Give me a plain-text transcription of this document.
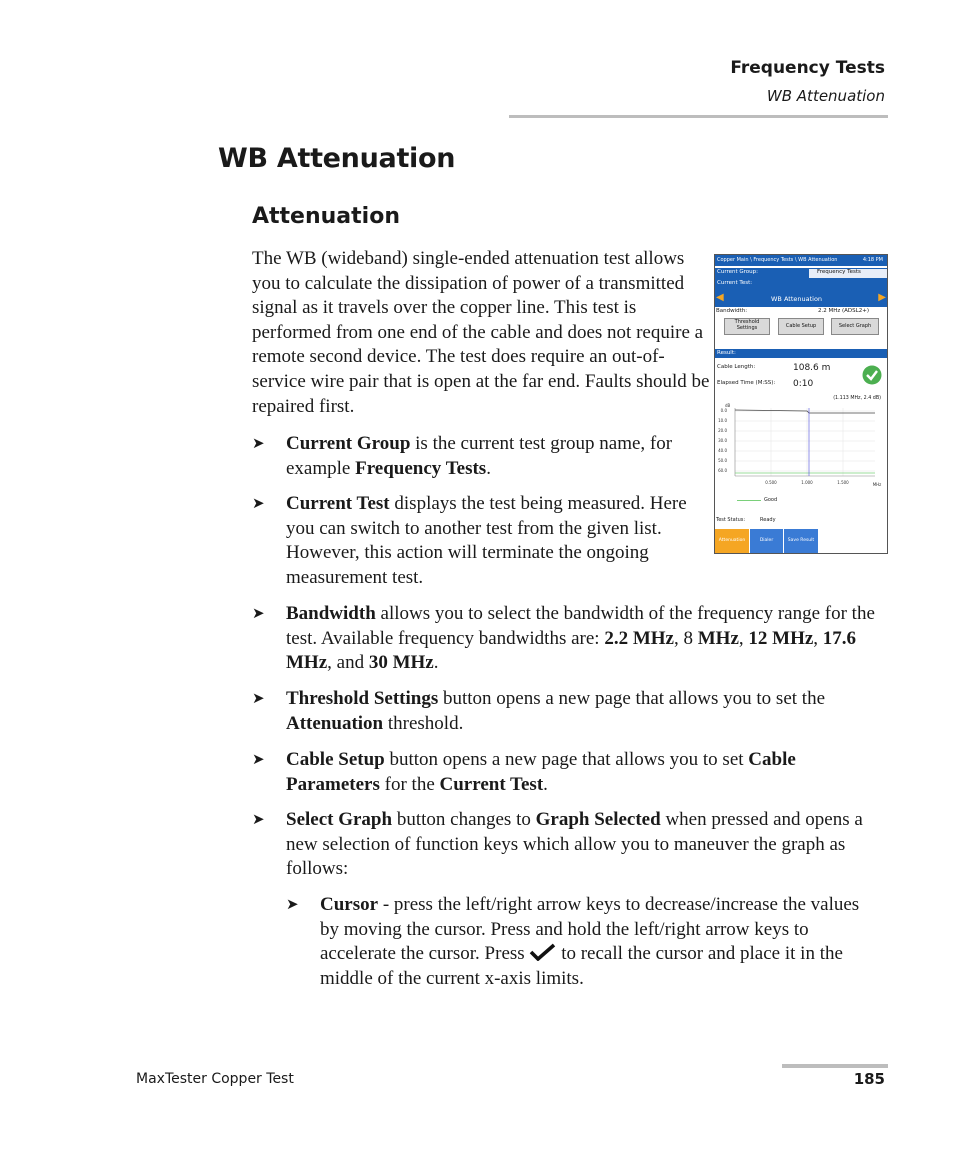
Frequency Tests
WB Attenuation
WB Attenuation
Attenuation
The WB (wideband) single-ended attenuation test allows you to calculate the dissipation of power of a transmitted signal as it travels over the copper line. This test is performed from one end of the cable and does not require a remote second device. The test does require an out-of-service wire pair that is open at the far end. Faults should be repaired first.
➤ Current Group is the current test group name, for example Frequency Tests.
➤ Current Test displays the test being measured. Here you can switch to another test from the given list. However, this action will terminate the ongoing measurement test.
➤ Bandwidth allows you to select the bandwidth of the frequency range for the test. Available frequency bandwidths are: 2.2 MHz, 8 MHz, 12 MHz, 17.6 MHz, and 30 MHz.
➤ Threshold Settings button opens a new page that allows you to set the Attenuation threshold.
➤ Cable Setup button opens a new page that allows you to set Cable Parameters for the Current Test.
➤ Select Graph button changes to Graph Selected when pressed and opens a new selection of function keys which allow you to maneuver the graph as follows:
➤ Cursor - press the left/right arrow keys to decrease/increase the values by moving the cursor. Press and hold the left/right arrow keys to accelerate the cursor. Press  to recall the cursor and place it in the middle of the current x-axis limits.
Copper Main \ Frequency Tests \ WB Attenuation	4:18 PM
Current Group:	Frequency Tests
Current Test:
◀	WB Attenuation	▶
Bandwidth:	2.2 MHz (ADSL2+)
Threshold Settings	Cable Setup	Select Graph
Result:
Cable Length:	108.6 m
Elapsed Time (M:SS): 0:10
(1.113 MHz, 2.4 dB)
dB
0.0
10.0
20.0
30.0
40.0
50.0
60.0
0.500	1.000	1.500	MHz
Good
Test Status:	Ready
Attenuation	Dialer	Save Result
MaxTester Copper Test	185
